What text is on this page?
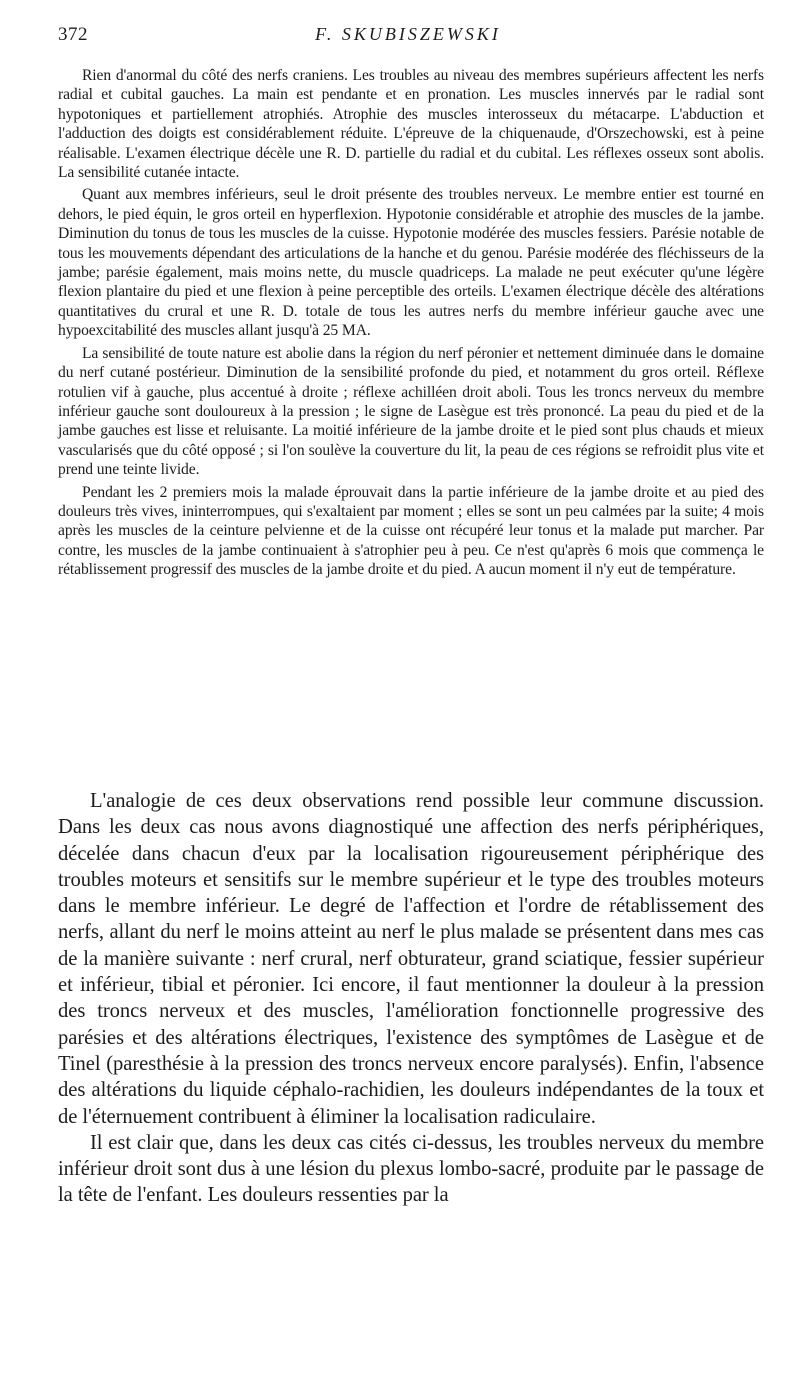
372	F. SKUBISZEWSKI

Rien d'anormal du côté des nerfs craniens. Les troubles au niveau des membres supérieurs affectent les nerfs radial et cubital gauches. La main est pendante et en pronation. Les muscles innervés par le radial sont hypotoniques et partiellement atrophiés. Atrophie des muscles interosseux du métacarpe. L'abduction et l'adduction des doigts est considérablement réduite. L'épreuve de la chiquenaude, d'Orszechowski, est à peine réalisable. L'examen électrique décèle une R. D. partielle du radial et du cubital. Les réflexes osseux sont abolis. La sensibilité cutanée intacte.

Quant aux membres inférieurs, seul le droit présente des troubles nerveux. Le membre entier est tourné en dehors, le pied équin, le gros orteil en hyperflexion. Hypotonie considérable et atrophie des muscles de la jambe. Diminution du tonus de tous les muscles de la cuisse. Hypotonie modérée des muscles fessiers. Parésie notable de tous les mouvements dépendant des articulations de la hanche et du genou. Parésie modérée des fléchisseurs de la jambe; parésie également, mais moins nette, du muscle quadriceps. La malade ne peut exécuter qu'une légère flexion plantaire du pied et une flexion à peine perceptible des orteils. L'examen électrique décèle des altérations quantitatives du crural et une R. D. totale de tous les autres nerfs du membre inférieur gauche avec une hypoexcitabilité des muscles allant jusqu'à 25 MA.

La sensibilité de toute nature est abolie dans la région du nerf péronier et nettement diminuée dans le domaine du nerf cutané postérieur. Diminution de la sensibilité profonde du pied, et notamment du gros orteil. Réflexe rotulien vif à gauche, plus accentué à droite ; réflexe achilléen droit aboli. Tous les troncs nerveux du membre inférieur gauche sont douloureux à la pression ; le signe de Lasègue est très prononcé. La peau du pied et de la jambe gauches est lisse et reluisante. La moitié inférieure de la jambe droite et le pied sont plus chauds et mieux vascularisés que du côté opposé ; si l'on soulève la couverture du lit, la peau de ces régions se refroidit plus vite et prend une teinte livide.

Pendant les 2 premiers mois la malade éprouvait dans la partie inférieure de la jambe droite et au pied des douleurs très vives, ininterrompues, qui s'exaltaient par moment ; elles se sont un peu calmées par la suite; 4 mois après les muscles de la ceinture pelvienne et de la cuisse ont récupéré leur tonus et la malade put marcher. Par contre, les muscles de la jambe continuaient à s'atrophier peu à peu. Ce n'est qu'après 6 mois que commença le rétablissement progressif des muscles de la jambe droite et du pied. A aucun moment il n'y eut de température.

L'analogie de ces deux observations rend possible leur commune discussion. Dans les deux cas nous avons diagnostiqué une affection des nerfs périphériques, décelée dans chacun d'eux par la localisation rigoureusement périphérique des troubles moteurs et sensitifs sur le membre supérieur et le type des troubles moteurs dans le membre inférieur. Le degré de l'affection et l'ordre de rétablissement des nerfs, allant du nerf le moins atteint au nerf le plus malade se présentent dans mes cas de la manière suivante : nerf crural, nerf obturateur, grand sciatique, fessier supérieur et inférieur, tibial et péronier. Ici encore, il faut mentionner la douleur à la pression des troncs nerveux et des muscles, l'amélioration fonctionnelle progressive des parésies et des altérations électriques, l'existence des symptômes de Lasègue et de Tinel (paresthésie à la pression des troncs nerveux encore paralysés). Enfin, l'absence des altérations du liquide céphalo-rachidien, les douleurs indépendantes de la toux et de l'éternuement contribuent à éliminer la localisation radiculaire.

Il est clair que, dans les deux cas cités ci-dessus, les troubles nerveux du membre inférieur droit sont dus à une lésion du plexus lombo-sacré, produite par le passage de la tête de l'enfant. Les douleurs ressenties par la
